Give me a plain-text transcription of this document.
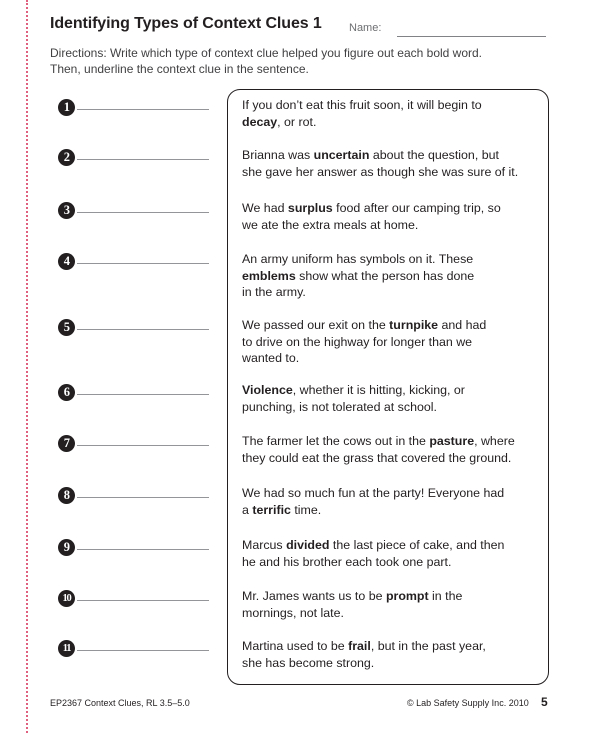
Identifying Types of Context Clues 1 Name:
Directions: Write which type of context clue helped you figure out each bold word.
Then, underline the context clue in the sentence.
1	If you don’t eat this fruit soon, it will begin to
decay, or rot.
2	Brianna was uncertain about the question, but
she gave her answer as though she was sure of it.
3	We had surplus food after our camping trip, so
we ate the extra meals at home.
4	An army uniform has symbols on it. These
emblems show what the person has done
in the army.
5	We passed our exit on the turnpike and had
to drive on the highway for longer than we
wanted to.
6	Violence, whether it is hitting, kicking, or
punching, is not tolerated at school.
7	The farmer let the cows out in the pasture, where
they could eat the grass that covered the ground.
8	We had so much fun at the party! Everyone had
a terrific time.
9	Marcus divided the last piece of cake, and then
he and his brother each took one part.
10	Mr. James wants us to be prompt in the
mornings, not late.
11	Martina used to be frail, but in the past year,
she has become strong.
EP2367 Context Clues, RL 3.5–5.0	© Lab Safety Supply Inc. 2010 5
